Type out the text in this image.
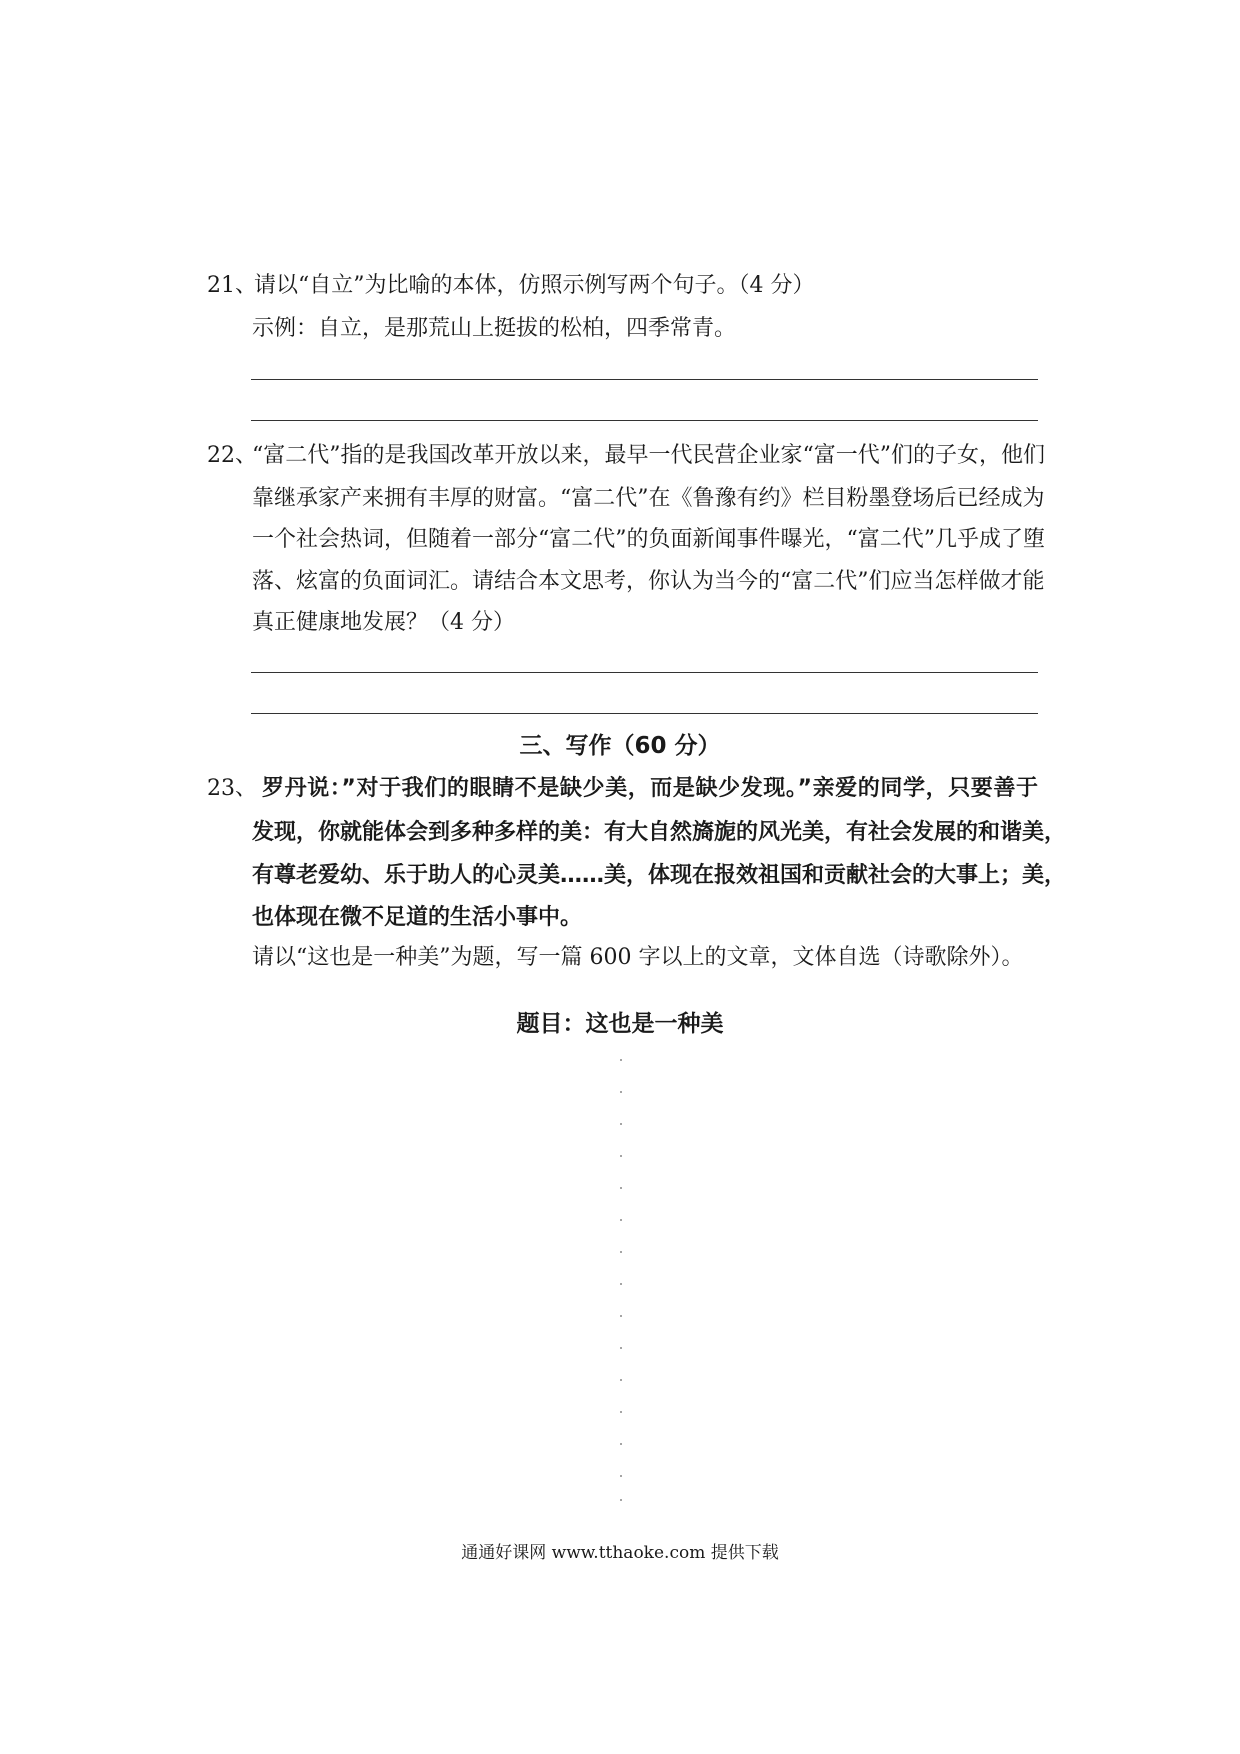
21、
请以“自立”为比喻的本体，仿照示例写两个句子。（4 分）
示例：自立，是那荒山上挺拔的松柏，四季常青。
22、
“富二代”指的是我国改革开放以来，最早一代民营企业家“富一代”们的子女，他们
靠继承家产来拥有丰厚的财富。“富二代”在《鲁豫有约》栏目粉墨登场后已经成为
一个社会热词，但随着一部分“富二代”的负面新闻事件曝光，“富二代”几乎成了堕
落、炫富的负面词汇。请结合本文思考，你认为当今的“富二代”们应当怎样做才能
真正健康地发展？（4 分）
三、写作（60 分）
23、 罗丹说：”对于我们的眼睛不是缺少美，而是缺少发现。”亲爱的同学，只要善于
发现，你就能体会到多种多样的美：有大自然旖旎的风光美，有社会发展的和谐美，
有尊老爱幼、乐于助人的心灵美……美，体现在报效祖国和贡献社会的大事上；美，
也体现在微不足道的生活小事中。
请以“这也是一种美”为题，写一篇 600 字以上的文章，文体自选（诗歌除外）。
题目：这也是一种美
通通好课网 www.tthaoke.com 提供下载
